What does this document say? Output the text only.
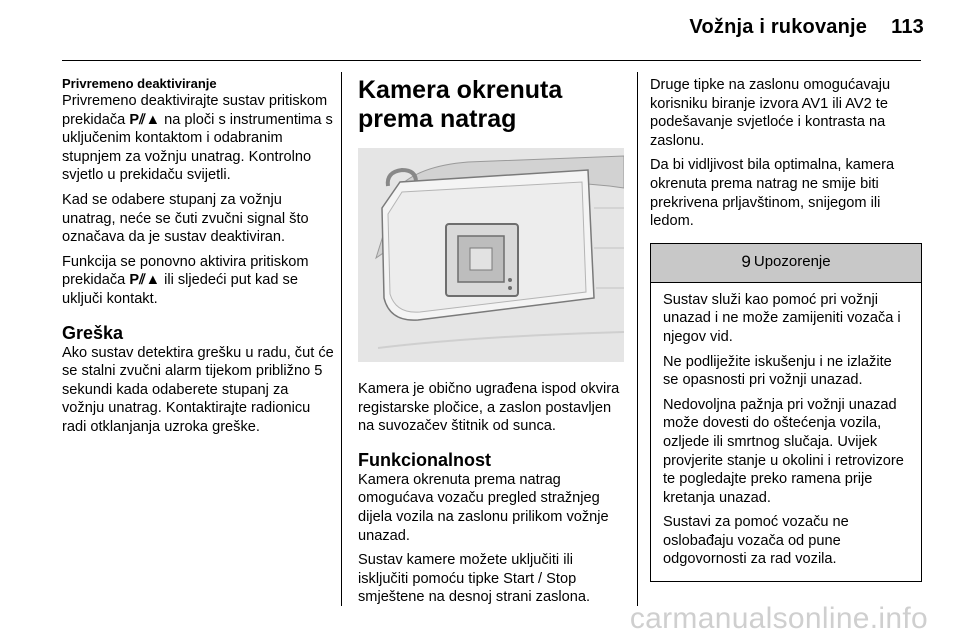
Vožnja i rukovanje 113
Privremeno deaktiviranje

Privremeno deaktivirajte sustav pritiskom prekidača P⫽▲ na ploči s instrumentima s uključenim kontaktom i odabranim stupnjem za vožnju unatrag. Kontrolno svjetlo u prekidaču svijetli.

Kad se odabere stupanj za vožnju unatrag, neće se čuti zvučni signal što označava da je sustav deaktiviran.

Funkcija se ponovno aktivira pritiskom prekidača P⫽▲ ili sljedeći put kad se uključi kontakt.

Greška

Ako sustav detektira grešku u radu, čut će se stalni zvučni alarm tijekom približno 5 sekundi kada odaberete stupanj za vožnju unatrag. Kontaktirajte radionicu radi otklanjanja uzroka greške.

Kamera okrenuta prema natrag

Kamera je obično ugrađena ispod okvira registarske pločice, a zaslon postavljen na suvozačev štitnik od sunca.

Funkcionalnost

Kamera okrenuta prema natrag omogućava vozaču pregled stražnjeg dijela vozila na zaslonu prilikom vožnje unazad.

Sustav kamere možete uključiti ili isključiti pomoću tipke Start / Stop smještene na desnoj strani zaslona.

Druge tipke na zaslonu omogućavaju korisniku biranje izvora AV1 ili AV2 te podešavanje svjetloće i kontrasta na zaslonu.

Da bi vidljivost bila optimalna, kamera okrenuta prema natrag ne smije biti prekrivena prljavštinom, snijegom ili ledom.

9 Upozorenje

Sustav služi kao pomoć pri vožnji unazad i ne može zamijeniti vozača i njegov vid.

Ne podliježite iskušenju i ne izlažite se opasnosti pri vožnji unazad.

Nedovoljna pažnja pri vožnji unazad može dovesti do oštećenja vozila, ozljede ili smrtnog slučaja. Uvijek provjerite stanje u okolini i retrovizore te pogledajte preko ramena prije kretanja unazad.

Sustavi za pomoć vozaču ne oslobađaju vozača od pune odgovornosti za rad vozila.

carmanualsonline.info
